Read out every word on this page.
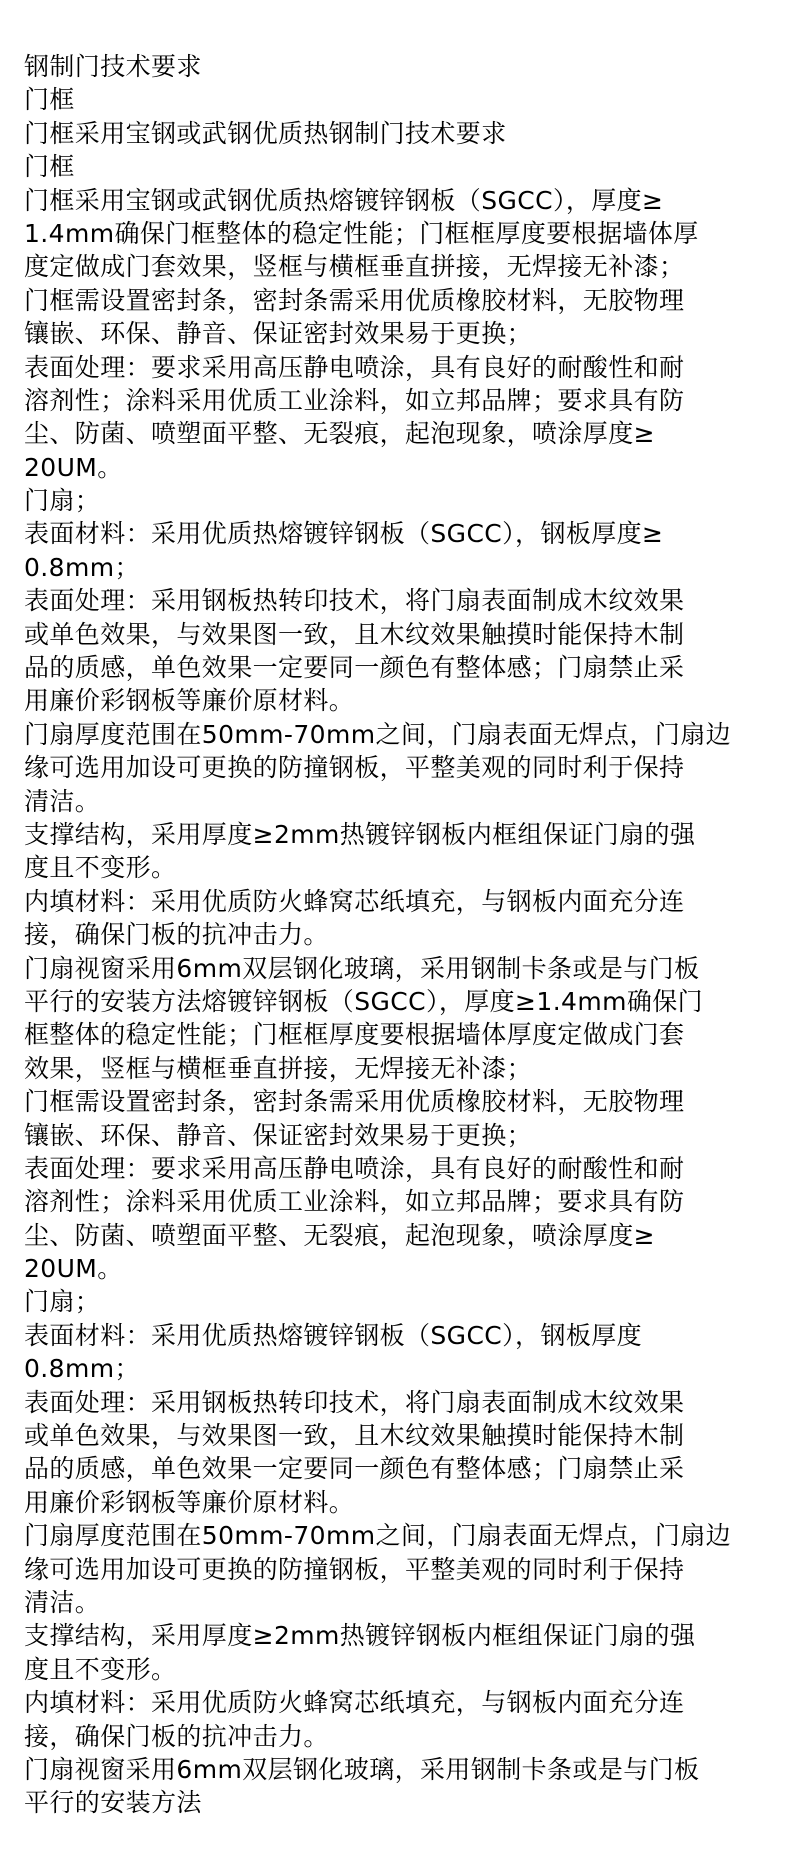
钢制门技术要求
门框
门框采用宝钢或武钢优质热钢制门技术要求
门框
门框采用宝钢或武钢优质热熔镀锌钢板（SGCC），厚度≥
1.4mm确保门框整体的稳定性能；门框框厚度要根据墙体厚
度定做成门套效果，竖框与横框垂直拼接，无焊接无补漆；
门框需设置密封条，密封条需采用优质橡胶材料，无胶物理
镶嵌、环保、静音、保证密封效果易于更换；
表面处理：要求采用高压静电喷涂，具有良好的耐酸性和耐
溶剂性；涂料采用优质工业涂料，如立邦品牌；要求具有防
尘、防菌、喷塑面平整、无裂痕，起泡现象，喷涂厚度≥
20UM。
门扇；
表面材料：采用优质热熔镀锌钢板（SGCC），钢板厚度≥
0.8mm；
表面处理：采用钢板热转印技术，将门扇表面制成木纹效果
或单色效果，与效果图一致，且木纹效果触摸时能保持木制
品的质感，单色效果一定要同一颜色有整体感；门扇禁止采
用廉价彩钢板等廉价原材料。
门扇厚度范围在50mm-70mm之间，门扇表面无焊点，门扇边
缘可选用加设可更换的防撞钢板，平整美观的同时利于保持
清洁。
支撑结构，采用厚度≥2mm热镀锌钢板内框组保证门扇的强
度且不变形。
内填材料：采用优质防火蜂窝芯纸填充，与钢板内面充分连
接，确保门板的抗冲击力。
门扇视窗采用6mm双层钢化玻璃，采用钢制卡条或是与门板
平行的安装方法熔镀锌钢板（SGCC），厚度≥1.4mm确保门
框整体的稳定性能；门框框厚度要根据墙体厚度定做成门套
效果，竖框与横框垂直拼接，无焊接无补漆；
门框需设置密封条，密封条需采用优质橡胶材料，无胶物理
镶嵌、环保、静音、保证密封效果易于更换；
表面处理：要求采用高压静电喷涂，具有良好的耐酸性和耐
溶剂性；涂料采用优质工业涂料，如立邦品牌；要求具有防
尘、防菌、喷塑面平整、无裂痕，起泡现象，喷涂厚度≥
20UM。
门扇；
表面材料：采用优质热熔镀锌钢板（SGCC），钢板厚度
0.8mm；
表面处理：采用钢板热转印技术，将门扇表面制成木纹效果
或单色效果，与效果图一致，且木纹效果触摸时能保持木制
品的质感，单色效果一定要同一颜色有整体感；门扇禁止采
用廉价彩钢板等廉价原材料。
门扇厚度范围在50mm-70mm之间，门扇表面无焊点，门扇边
缘可选用加设可更换的防撞钢板，平整美观的同时利于保持
清洁。
支撑结构，采用厚度≥2mm热镀锌钢板内框组保证门扇的强
度且不变形。
内填材料：采用优质防火蜂窝芯纸填充，与钢板内面充分连
接，确保门板的抗冲击力。
门扇视窗采用6mm双层钢化玻璃，采用钢制卡条或是与门板
平行的安装方法
